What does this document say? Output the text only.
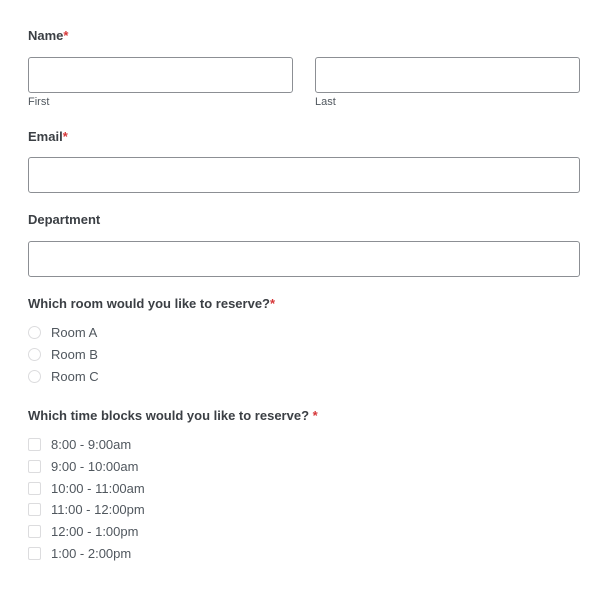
Name*
First	Last
Email*
Department
Which room would you like to reserve?*
Room A
Room B
Room C
Which time blocks would you like to reserve? *
8:00 - 9:00am
9:00 - 10:00am
10:00 - 11:00am
11:00 - 12:00pm
12:00 - 1:00pm
1:00 - 2:00pm
